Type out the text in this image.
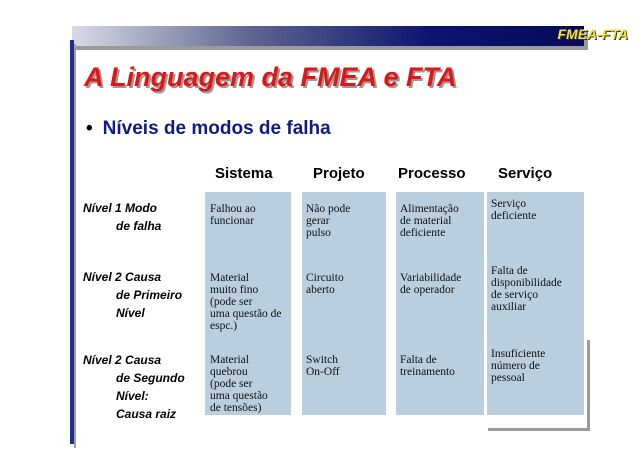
FMEA-FTA
A Linguagem da FMEA e FTA
• Níveis de modos de falha
Sistema	Projeto Processo Serviço
Nível 1 Modo
de falha
Falhou ao
funcionar
Não pode
gerar
pulso
Alimentação
de material
deficiente
Serviço
deficiente
Nível 2 Causa
de Primeiro
Nível
Material
muito fino
(pode ser
uma questão de
espc.)
Circuito
aberto
Variabilidade
de operador
Falta de
disponibilidade
de serviço
auxiliar
Nível 2 Causa
de Segundo
Nível:
Causa raiz
Material
quebrou
(pode ser
uma questão
de tensões)
Switch
On-Off
Falta de
treinamento
Insuficiente
número de
pessoal
